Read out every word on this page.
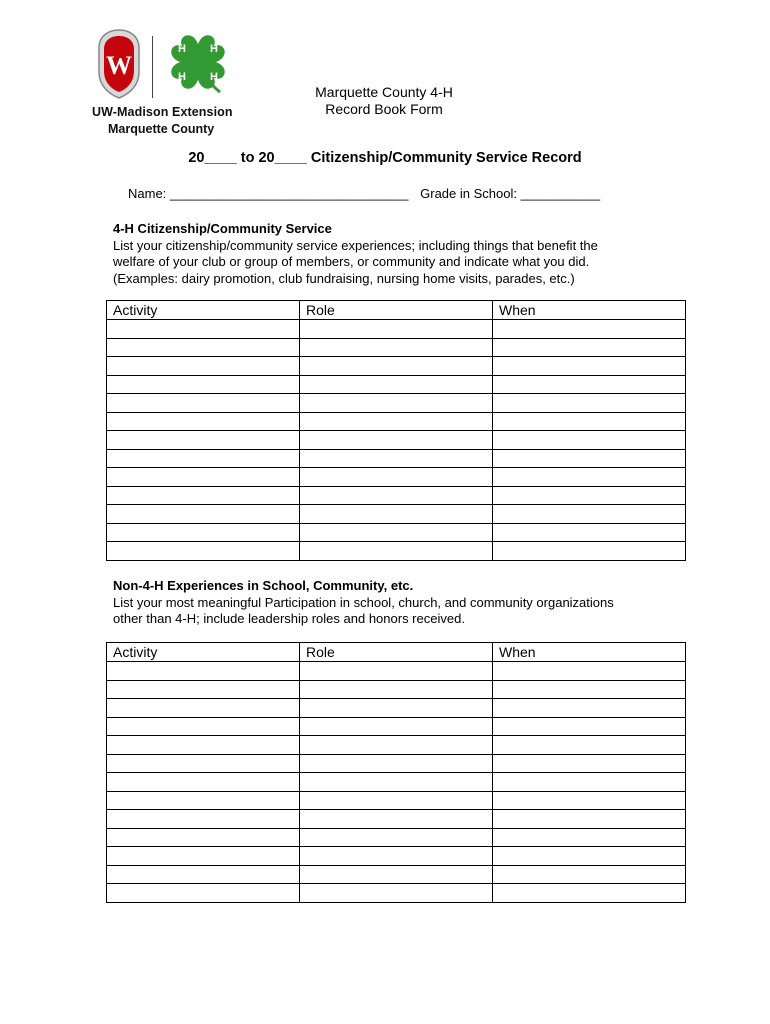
W
H H
H H
UW-Madison Extension
Marquette County
Marquette County 4-H
Record Book Form
20____ to 20____ Citizenship/Community Service Record
Name: _________________________________ Grade in School: ___________
4-H Citizenship/Community Service
List your citizenship/community service experiences; including things that benefit the
welfare of your club or group of members, or community and indicate what you did.
(Examples: dairy promotion, club fundraising, nursing home visits, parades, etc.)
Activity	Role	When

Non-4-H Experiences in School, Community, etc.
List your most meaningful Participation in school, church, and community organizations
other than 4-H; include leadership roles and honors received.
Activity	Role	When
